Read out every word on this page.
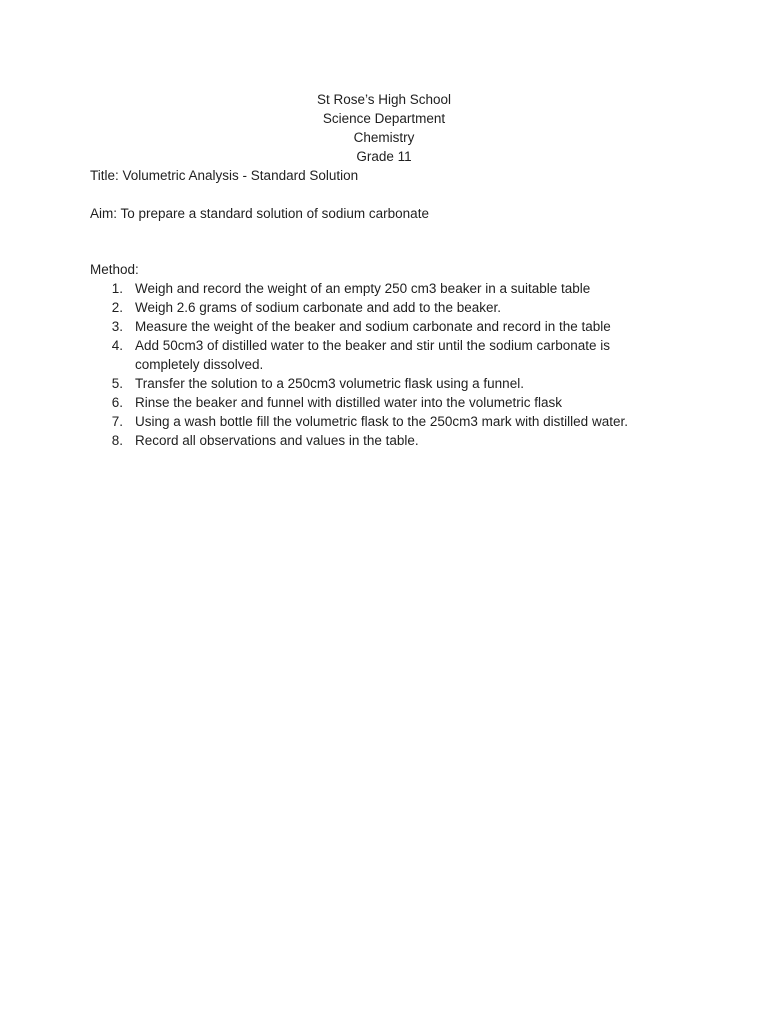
St Rose’s High School
Science Department
Chemistry
Grade 11
Title: Volumetric Analysis - Standard Solution
Aim: To prepare a standard solution of sodium carbonate
Method:
1. Weigh and record the weight of an empty 250 cm3 beaker in a suitable table
2. Weigh 2.6 grams of sodium carbonate and add to the beaker.
3. Measure the weight of the beaker and sodium carbonate and record in the table
4. Add 50cm3 of distilled water to the beaker and stir until the sodium carbonate is completely dissolved.
5. Transfer the solution to a 250cm3 volumetric flask using a funnel.
6. Rinse the beaker and funnel with distilled water into the volumetric flask
7. Using a wash bottle fill the volumetric flask to the 250cm3 mark with distilled water.
8. Record all observations and values in the table.
